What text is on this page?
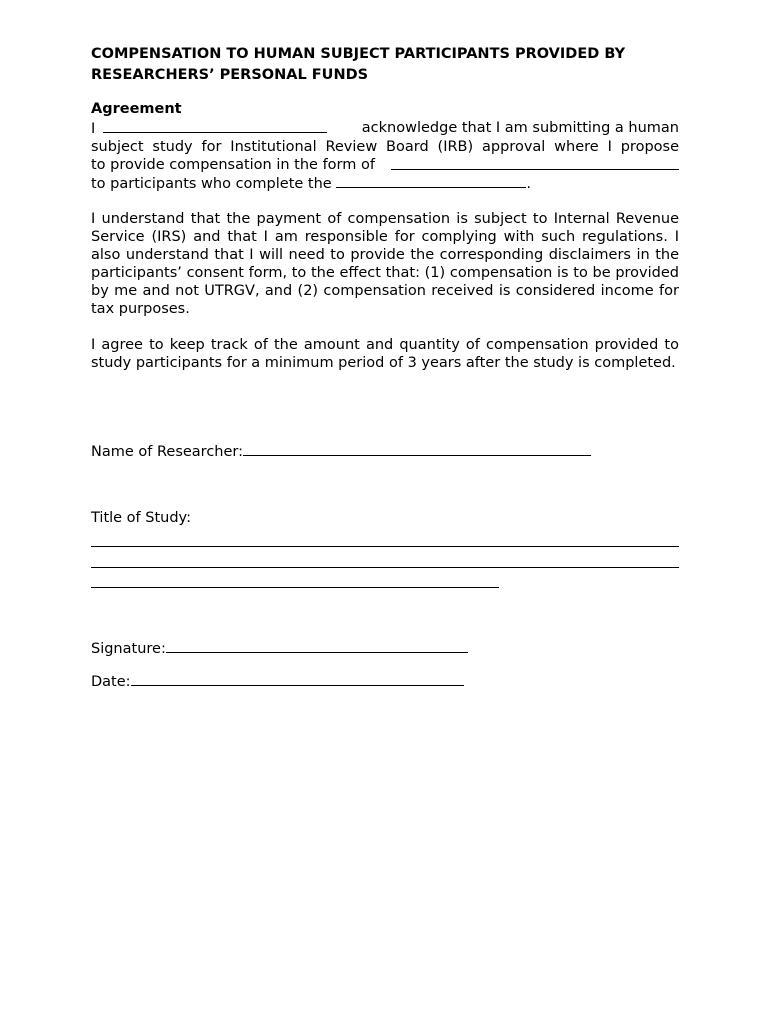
COMPENSATION TO HUMAN SUBJECT PARTICIPANTS PROVIDED BY
RESEARCHERS’ PERSONAL FUNDS
Agreement
I	acknowledge that I am submitting a human
subject study for Institutional Review Board (IRB) approval where I propose
to provide compensation in the form of
to participants who complete the	.
I understand that the payment of compensation is subject to Internal Revenue Service (IRS) and that I am responsible for complying with such regulations. I also understand that I will need to provide the corresponding disclaimers in the participants’ consent form, to the effect that: (1) compensation is to be provided by me and not UTRGV, and (2) compensation received is considered income for tax purposes.
I agree to keep track of the amount and quantity of compensation provided to study participants for a minimum period of 3 years after the study is completed.
Name of Researcher:
Title of Study:
Signature:
Date:
